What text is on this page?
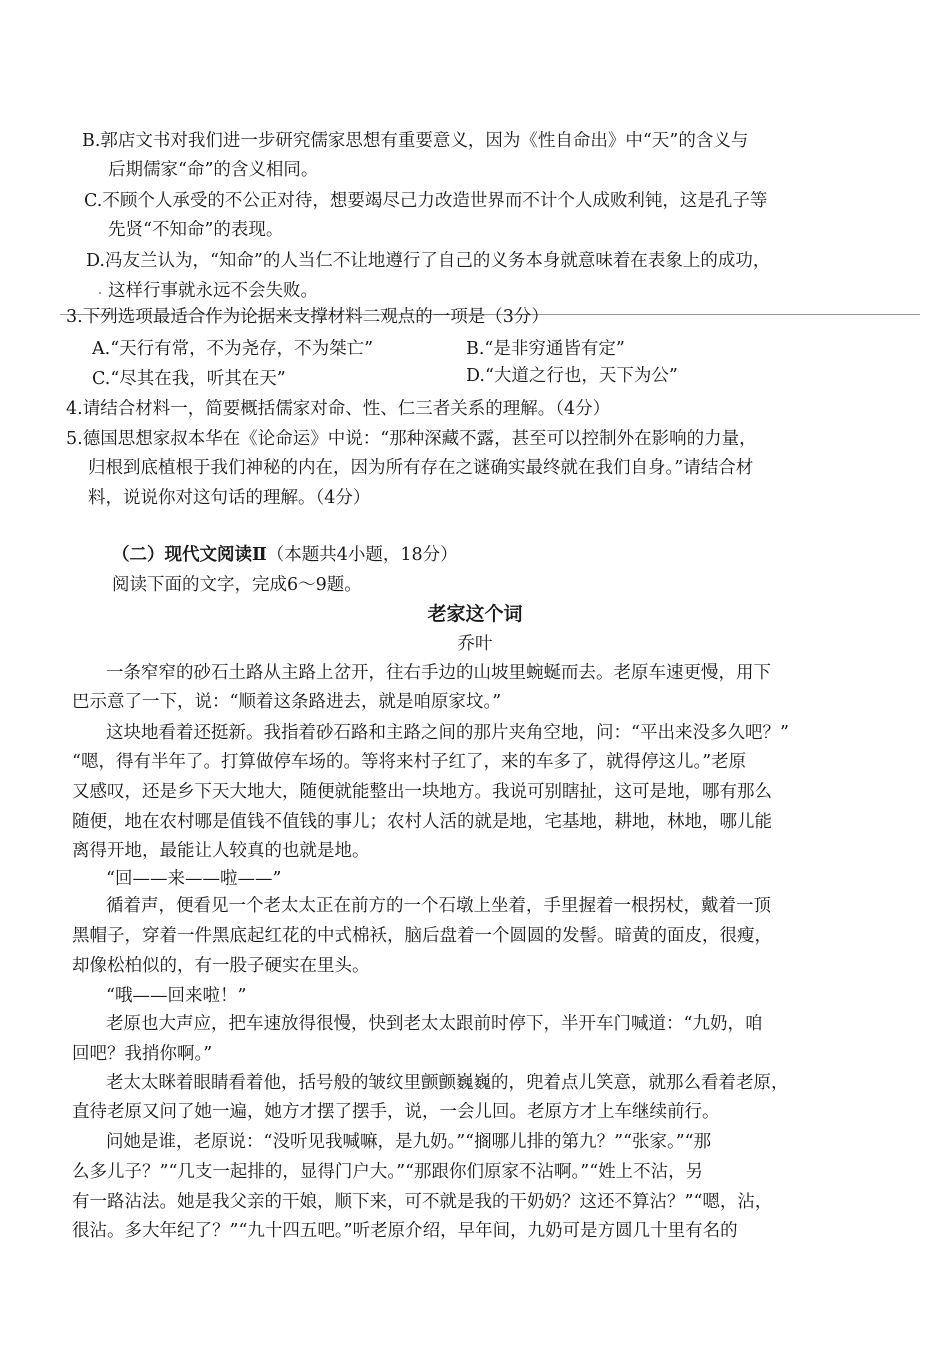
B.郭店文书对我们进一步研究儒家思想有重要意义，因为《性自命出》中“天”的含义与
后期儒家“命”的含义相同。
C.不顾个人承受的不公正对待，想要竭尽己力改造世界而不计个人成败利钝，这是孔子等
先贤“不知命”的表现。
D.冯友兰认为，“知命”的人当仁不让地遵行了自己的义务本身就意味着在表象上的成功，
这样行事就永远不会失败。
3.下列选项最适合作为论据来支撑材料二观点的一项是（3分）
A.“天行有常，不为尧存，不为桀亡”	B.“是非穷通皆有定”
C.“尽其在我，听其在天”	D.“大道之行也，天下为公”
4.请结合材料一，简要概括儒家对命、性、仁三者关系的理解。（4分）
5.德国思想家叔本华在《论命运》中说：“那种深藏不露，甚至可以控制外在影响的力量，
归根到底植根于我们神秘的内在，因为所有存在之谜确实最终就在我们自身。”请结合材
料，说说你对这句话的理解。（4分）
（二）现代文阅读Ⅱ（本题共4小题，18分）
阅读下面的文字，完成6～9题。
老家这个词
乔叶
一条窄窄的砂石土路从主路上岔开，往右手边的山坡里蜿蜒而去。老原车速更慢，用下
巴示意了一下，说：“顺着这条路进去，就是咱原家坟。”
这块地看着还挺新。我指着砂石路和主路之间的那片夹角空地，问：“平出来没多久吧？”
“嗯，得有半年了。打算做停车场的。等将来村子红了，来的车多了，就得停这儿。”老原
又感叹，还是乡下天大地大，随便就能整出一块地方。我说可别瞎扯，这可是地，哪有那么
随便，地在农村哪是值钱不值钱的事儿；农村人活的就是地，宅基地，耕地，林地，哪儿能
离得开地，最能让人较真的也就是地。
“回——来——啦——”
循着声，便看见一个老太太正在前方的一个石墩上坐着，手里握着一根拐杖，戴着一顶
黑帽子，穿着一件黑底起红花的中式棉袄，脑后盘着一个圆圆的发髻。暗黄的面皮，很瘦，
却像松柏似的，有一股子硬实在里头。
“哦——回来啦！”
老原也大声应，把车速放得很慢，快到老太太跟前时停下，半开车门喊道：“九奶，咱
回吧？我捎你啊。”
老太太眯着眼睛看着他，括号般的皱纹里颤颤巍巍的，兜着点儿笑意，就那么看着老原，
直待老原又问了她一遍，她方才摆了摆手，说，一会儿回。老原方才上车继续前行。
问她是谁，老原说：“没听见我喊嘛，是九奶。”“搁哪儿排的第九？”“张家。”“那
么多儿子？”“几支一起排的，显得门户大。”“那跟你们原家不沾啊。”“姓上不沾，另
有一路沾法。她是我父亲的干娘，顺下来，可不就是我的干奶奶？这还不算沾？”“嗯，沾，
很沾。多大年纪了？”“九十四五吧。”听老原介绍，早年间，九奶可是方圆几十里有名的
